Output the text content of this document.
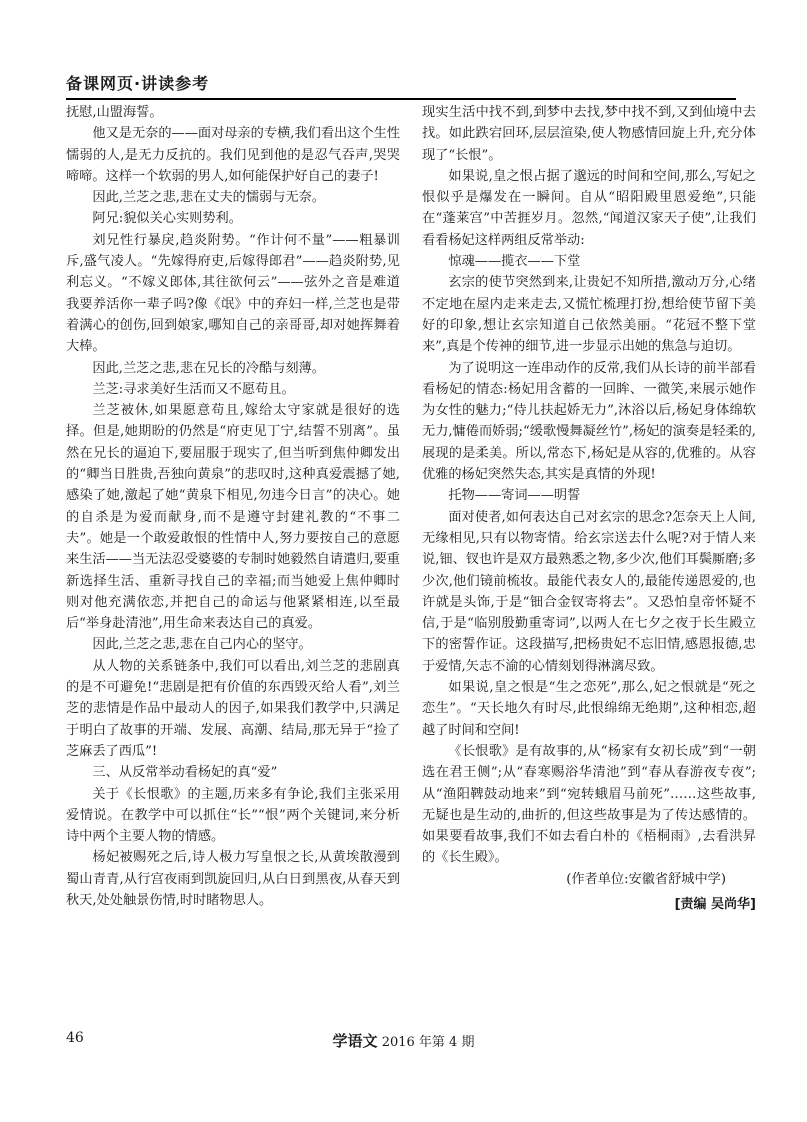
备课网页·讲读参考

抚慰,山盟海誓。

他又是无奈的——面对母亲的专横,我们看出这个生性懦弱的人,是无力反抗的。我们见到他的是忍气吞声,哭哭啼啼。这样一个软弱的男人,如何能保护好自己的妻子!

因此,兰芝之悲,悲在丈夫的懦弱与无奈。

阿兄:貌似关心实则势利。

刘兄性行暴戾,趋炎附势。“作计何不量”——粗暴训斥,盛气凌人。“先嫁得府吏,后嫁得郎君”——趋炎附势,见利忘义。“不嫁义郎体,其往欲何云”——弦外之音是难道我要养活你一辈子吗?像《氓》中的弃妇一样,兰芝也是带着满心的创伤,回到娘家,哪知自己的亲哥哥,却对她挥舞着大棒。

因此,兰芝之悲,悲在兄长的冷酷与刻薄。

兰芝:寻求美好生活而又不愿苟且。

兰芝被休,如果愿意苟且,嫁给太守家就是很好的选择。但是,她期盼的仍然是“府吏见丁宁,结誓不别离”。虽然在兄长的逼迫下,要屈服于现实了,但当听到焦仲卿发出的“卿当日胜贵,吾独向黄泉”的悲叹时,这种真爱震撼了她,感染了她,激起了她“黄泉下相见,勿违今日言”的决心。她的自杀是为爱而献身,而不是遵守封建礼教的“不事二夫”。她是一个敢爱敢恨的性情中人,努力要按自己的意愿来生活——当无法忍受婆婆的专制时她毅然自请遣归,要重新选择生活、重新寻找自己的幸福;而当她爱上焦仲卿时则对他充满依恋,并把自己的命运与他紧紧相连,以至最后“举身赴清池”,用生命来表达自己的真爱。

因此,兰芝之悲,悲在自己内心的坚守。

从人物的关系链条中,我们可以看出,刘兰芝的悲剧真的是不可避免!“悲剧是把有价值的东西毁灭给人看”,刘兰芝的悲情是作品中最动人的因子,如果我们教学中,只满足于明白了故事的开端、发展、高潮、结局,那无异于“捡了芝麻丢了西瓜”!

三、从反常举动看杨妃的真“爱”

关于《长恨歌》的主题,历来多有争论,我们主张采用爱情说。在教学中可以抓住“长”“恨”两个关键词,来分析诗中两个主要人物的情感。

杨妃被赐死之后,诗人极力写皇恨之长,从黄埃散漫到蜀山青青,从行宫夜雨到凯旋回归,从白日到黑夜,从春天到秋天,处处触景伤情,时时睹物思人。

现实生活中找不到,到梦中去找,梦中找不到,又到仙境中去找。如此跌宕回环,层层渲染,使人物感情回旋上升,充分体现了“长恨”。

如果说,皇之恨占据了邈远的时间和空间,那么,写妃之恨似乎是爆发在一瞬间。自从“昭阳殿里恩爱绝”,只能在“蓬莱宫”中苦捱岁月。忽然,“闻道汉家天子使”,让我们看看杨妃这样两组反常举动:

惊魂——揽衣——下堂

玄宗的使节突然到来,让贵妃不知所措,激动万分,心绪不定地在屋内走来走去,又慌忙梳理打扮,想给使节留下美好的印象,想让玄宗知道自己依然美丽。“花冠不整下堂来”,真是个传神的细节,进一步显示出她的焦急与迫切。

为了说明这一连串动作的反常,我们从长诗的前半部看看杨妃的情态:杨妃用含蓄的一回眸、一微笑,来展示她作为女性的魅力;“侍儿扶起娇无力”,沐浴以后,杨妃身体绵软无力,慵倦而娇弱;“缓歌慢舞凝丝竹”,杨妃的演奏是轻柔的,展现的是柔美。所以,常态下,杨妃是从容的,优雅的。从容优雅的杨妃突然失态,其实是真情的外现!

托物——寄词——明誓

面对使者,如何表达自己对玄宗的思念?怎奈天上人间,无缘相见,只有以物寄情。给玄宗送去什么呢?对于情人来说,钿、钗也许是双方最熟悉之物,多少次,他们耳鬓厮磨;多少次,他们镜前梳妆。最能代表女人的,最能传递恩爱的,也许就是头饰,于是“钿合金钗寄将去”。又恐怕皇帝怀疑不信,于是“临别殷勤重寄词”,以两人在七夕之夜于长生殿立下的密誓作证。这段描写,把杨贵妃不忘旧情,感恩报德,忠于爱情,矢志不渝的心情刻划得淋漓尽致。

如果说,皇之恨是“生之恋死”,那么,妃之恨就是“死之恋生”。“天长地久有时尽,此恨绵绵无绝期”,这种相恋,超越了时间和空间!

《长恨歌》是有故事的,从“杨家有女初长成”到“一朝选在君王侧”;从“春寒赐浴华清池”到“春从春游夜专夜”;从“渔阳鞞鼓动地来”到“宛转蛾眉马前死”……这些故事,无疑也是生动的,曲折的,但这些故事是为了传达感情的。如果要看故事,我们不如去看白朴的《梧桐雨》,去看洪昇的《长生殿》。

(作者单位:安徽省舒城中学)

[责编 吴尚华]

46	学语文 2016 年第 4 期
